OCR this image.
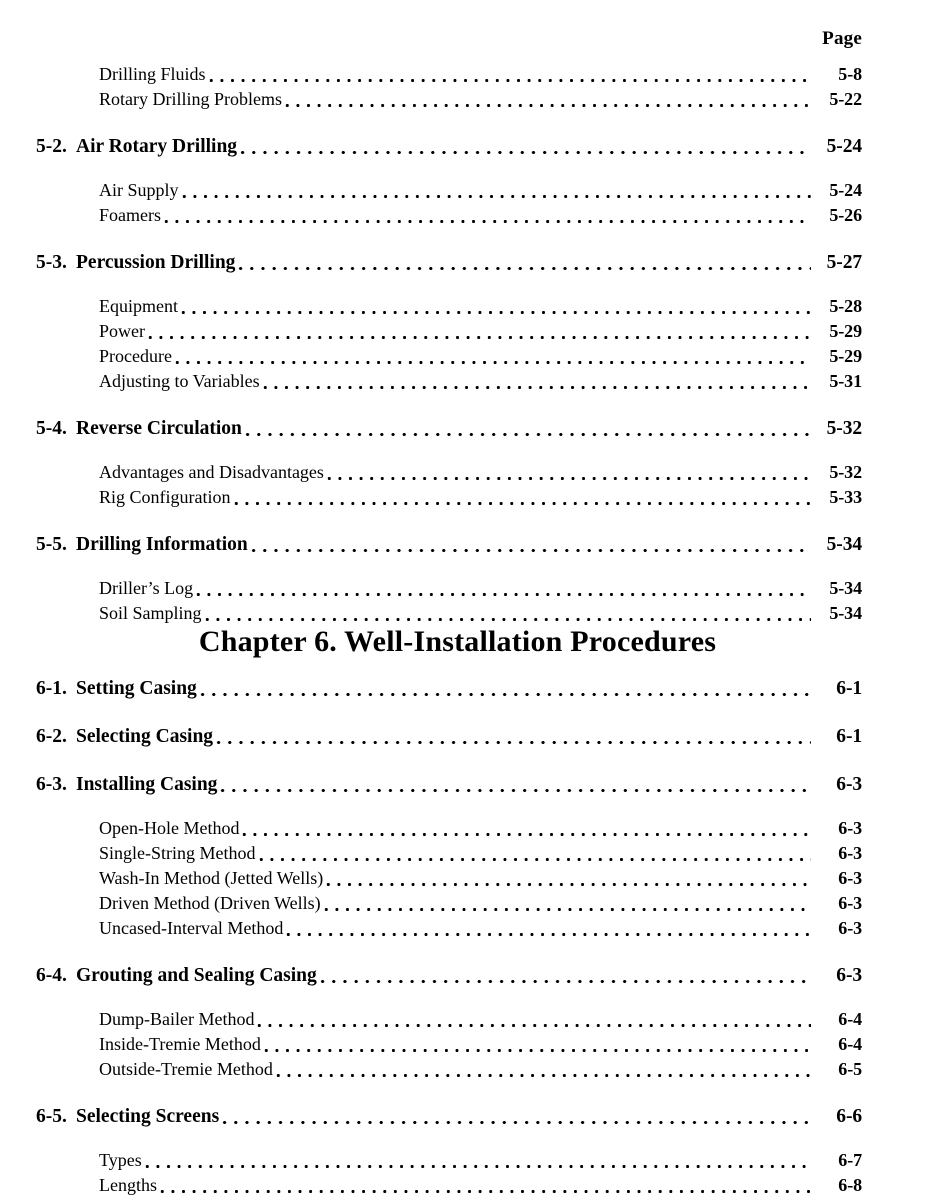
Page
Drilling Fluids	5-8
Rotary Drilling Problems	5-22
5-2. Air Rotary Drilling	5-24
Air Supply	5-24
Foamers	5-26
5-3. Percussion Drilling	5-27
Equipment	5-28
Power	5-29
Procedure	5-29
Adjusting to Variables	5-31
5-4. Reverse Circulation	5-32
Advantages and Disadvantages	5-32
Rig Configuration	5-33
5-5. Drilling Information	5-34
Driller’s Log	5-34
Soil Sampling	5-34
Chapter 6. Well-Installation Procedures
6-1. Setting Casing	6-1
6-2. Selecting Casing	6-1
6-3. Installing Casing	6-3
Open-Hole Method	6-3
Single-String Method	6-3
Wash-In Method (Jetted Wells)	6-3
Driven Method (Driven Wells)	6-3
Uncased-Interval Method	6-3
6-4. Grouting and Sealing Casing	6-3
Dump-Bailer Method	6-4
Inside-Tremie Method	6-4
Outside-Tremie Method	6-5
6-5. Selecting Screens	6-6
Types	6-7
Lengths	6-8
